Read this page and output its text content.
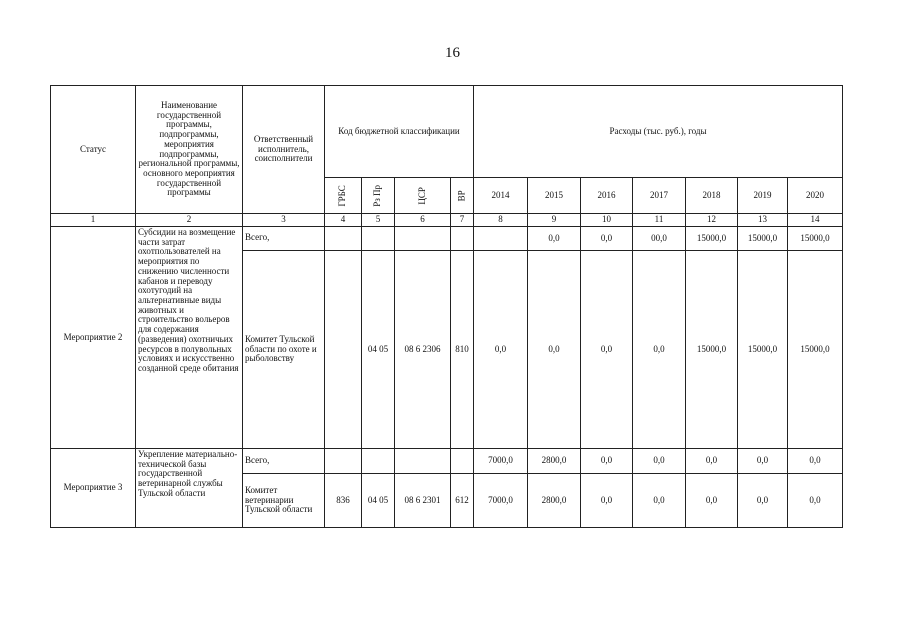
16
Статус	Наименование государственной программы, подпрограммы, мероприятия подпрограммы, региональной программы, основного мероприятия государственной программы	Ответственный исполнитель, соисполнители	Код бюджетной классификации				Расходы (тыс. руб.), годы						
			ГРБС	Рз Пр	ЦСР	ВР	2014	2015	2016	2017	2018	2019	2020
1	2	3	4	5	6	7	8	9	10	11	12	13	14
Мероприятие 2	Субсидии на возмещение части затрат охотпользователей на мероприятия по снижению численности кабанов и переводу охотугодий на альтернативные виды животных и строительство вольеров для содержания (разведения) охотничьих ресурсов в полувольных условиях и искусственно созданной среде обитания	Всего,						0,0	0,0	00,0	15000,0	15000,0	15000,0
		Комитет Тульской области по охоте и рыболовству		04 05	08 6 2306	810	0,0	0,0	0,0	0,0	15000,0	15000,0	15000,0
Мероприятие 3	Укрепление материально-технической базы государственной ветеринарной службы Тульской области	Всего,					7000,0	2800,0	0,0	0,0	0,0	0,0	0,0
		Комитет ветеринарии Тульской области	836	04 05	08 6 2301	612	7000,0	2800,0	0,0	0,0	0,0	0,0	0,0
